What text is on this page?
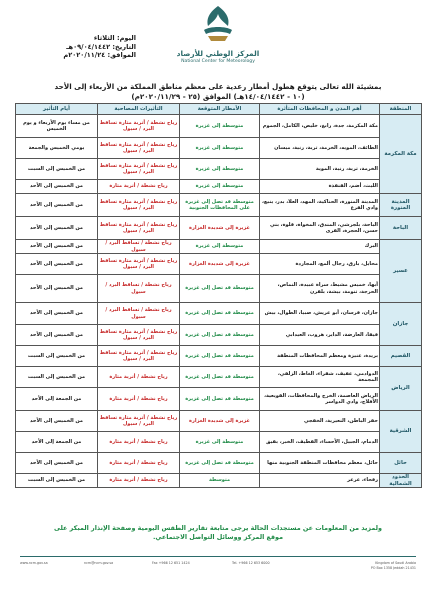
اليوم: الثلاثاء
التاريخ: ٠٩/٠٤/١٤٤٢هـ
الموافق: ٢٠٢٠/١١/٢٤م	المركز الوطني للأرصاد
National Center for Meteorology
بمشيئة الله تعالى يتوقع هطول أمطار رعدية على معظم مناطق المملكة من الأربعاء إلى الأحد
(١٠ - ١٤/٠٤/١٤٤٢هـ) الموافق (٢٥ - ٢٠٢٠/١١/٢٩م)
المنطقة	أهم المدن و المحافظات المتأثرة	الأمطار المتوقعة	التأثيرات المصاحبة	أيام التأثير
مكة المكرمة	مكة المكرمة، جدة، رابغ، خليص، الكامل، الجموم	متوسطة إلى غزيرة	رياح نشطة / أتربة مثارة تساقط البرد / سيول	من مساء يوم الأربعاء و يوم الخميس
	الطائف، المويه، الخرمة، تربة، رنية، ميسان	متوسطة إلى غزيرة	رياح نشطة / أتربة مثارة تساقط البرد / سيول	يومي الخميس والجمعة
	الخرمة، تربة، رنية، الموية	متوسطة إلى غزيرة	رياح نشطة / أتربة مثارة تساقط البرد / سيول	من الخميس إلى السبت
	الليث، أضم، القنفذة	متوسطة إلى غزيرة	رياح نشطة / أتربة مثارة	من الخميس إلى الأحد
المدينة المنورة	المدينة المنورة، الحناكية، المهد، العلا، بدر، ينبع، وادي الفرع	متوسطة قد تصل إلى غزيرة على المحافظات الجنوبية	رياح نشطة / أتربة مثارة تساقط البرد / سيول	من الخميس إلى الأحد
الباحة	الباحة، بلجرشي، المندق، المخواة، قلوة، بني حسن، الحجرة، القرى	غزيرة إلى شديدة الغزارة	رياح نشطة / أتربة مثارة تساقط البرد / سيول	من الخميس إلى الأحد
عسير	البرك	متوسطة إلى غزيرة	رياح نشطة / تساقط البرد / سيول	من الخميس إلى الأحد
	محايل، بارق، رجال ألمع، المجاردة	غزيرة إلى شديدة الغزارة	رياح نشطة / أتربة مثارة تساقط البرد / سيول	من الخميس إلى الأحد
	أبها، خميس مشيط، سراة عبيدة، النماص، الحرجة، تنومة، بيشة، بلقرن	متوسطة قد تصل إلى غزيرة	رياح نشطة / تساقط البرد / سيول	من الخميس إلى الأحد
جازان	جازان، فرسان، أبو عريش، صبيا، الطوال، بيش	متوسطة قد تصل إلى غزيرة	رياح نشطة / تساقط البرد / سيول	من الخميس إلى الأحد
	فيفا، العارضة، الداير، هروب، العيدابي	متوسطة قد تصل إلى غزيرة	رياح نشطة / أتربة مثارة تساقط البرد / سيول	من الخميس إلى الأحد
القصيم	بريدة، عنيزة ومعظم المحافظات المنطقة	متوسطة قد تصل إلى غزيرة	رياح نشطة / أتربة مثارة تساقط البرد / سيول	من الخميس إلى السبت
الرياض	الدوادمي، عفيف، شقراء، الغاط، الزلفي، المجمعة	متوسطة قد تصل إلى غزيرة	رياح نشطة / أتربة مثارة	من الخميس إلى السبت
	الرياض العاصمة، الخرج والمحافظات، القويعية، الأفلاج، وادي الدواسر	متوسطة قد تصل إلى غزيرة	رياح نشطة / أتربة مثارة	من الجمعة إلى الأحد
الشرقية	حفر الباطن، النعيرية، الخفجي	غزيرة إلى شديدة الغزارة	رياح نشطة / أتربة مثارة تساقط البرد / سيول	من الخميس إلى الأحد
	الدمام، الجبيل، الأحساء، القطيف، الخبر، بقيق	متوسطة إلى غزيرة	رياح نشطة / أتربة مثارة	من الجمعة إلى الأحد
حائل	حائل، معظم محافظات المنطقة الجنوبية منها	متوسطة قد تصل إلى غزيرة	رياح نشطة / أتربة مثارة	من الخميس إلى الأحد
الحدود الشمالية	رفحاء، عرعر	متوسطة	رياح نشطة / أتربة مثارة	من الخميس إلى السبت
ولمزيد من المعلومات عن مستجدات الحالة يرجى متابعة تقارير الطقس اليومية وصفحة الإنذار المبكر على
موقع المركز ووسائل التواصل الاجتماعي.
www.ncm.gov.sa	ncm@ncm.gov.sa	Fax +966 12 651 1424	Tel. +966 12 653 6000	Kingdom of Saudi Arabia
PO Box 1358 Jeddah 21431
